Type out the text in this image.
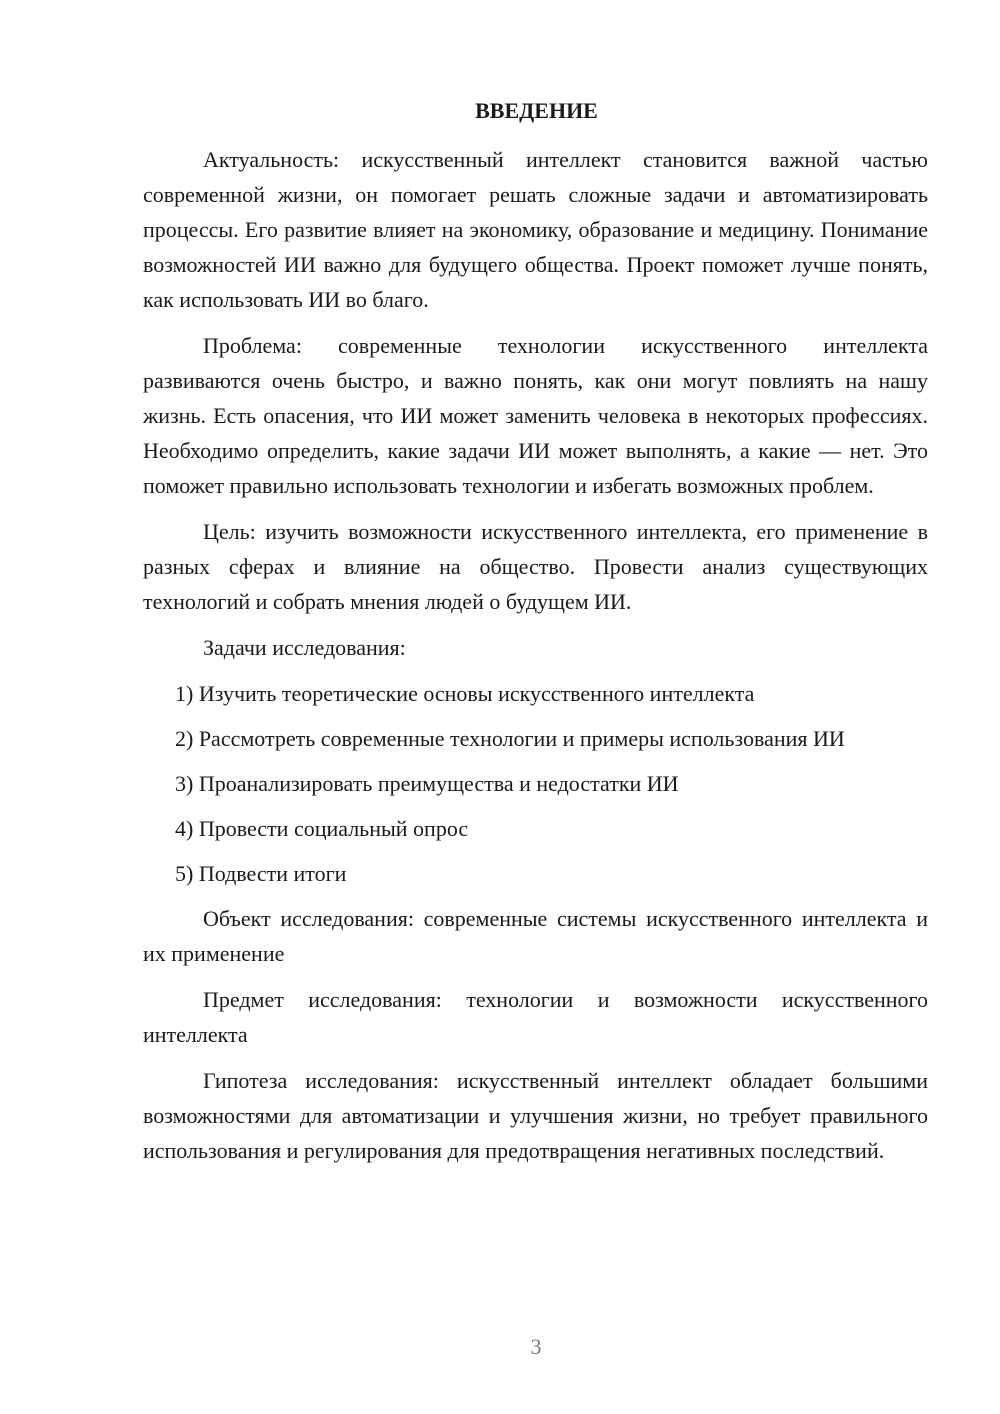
ВВЕДЕНИЕ

Актуальность: искусственный интеллект становится важной частью современной жизни, он помогает решать сложные задачи и автоматизировать процессы. Его развитие влияет на экономику, образование и медицину. Понимание возможностей ИИ важно для будущего общества. Проект поможет лучше понять, как использовать ИИ во благо.

Проблема: современные технологии искусственного интеллекта развиваются очень быстро, и важно понять, как они могут повлиять на нашу жизнь. Есть опасения, что ИИ может заменить человека в некоторых профессиях. Необходимо определить, какие задачи ИИ может выполнять, а какие — нет. Это поможет правильно использовать технологии и избегать возможных проблем.

Цель: изучить возможности искусственного интеллекта, его применение в разных сферах и влияние на общество. Провести анализ существующих технологий и собрать мнения людей о будущем ИИ.

Задачи исследования:

1) Изучить теоретические основы искусственного интеллекта

2) Рассмотреть современные технологии и примеры использования ИИ

3) Проанализировать преимущества и недостатки ИИ

4) Провести социальный опрос

5) Подвести итоги

Объект исследования: современные системы искусственного интеллекта и их применение

Предмет исследования: технологии и возможности искусственного интеллекта

Гипотеза исследования: искусственный интеллект обладает большими возможностями для автоматизации и улучшения жизни, но требует правильного использования и регулирования для предотвращения негативных последствий.

3
